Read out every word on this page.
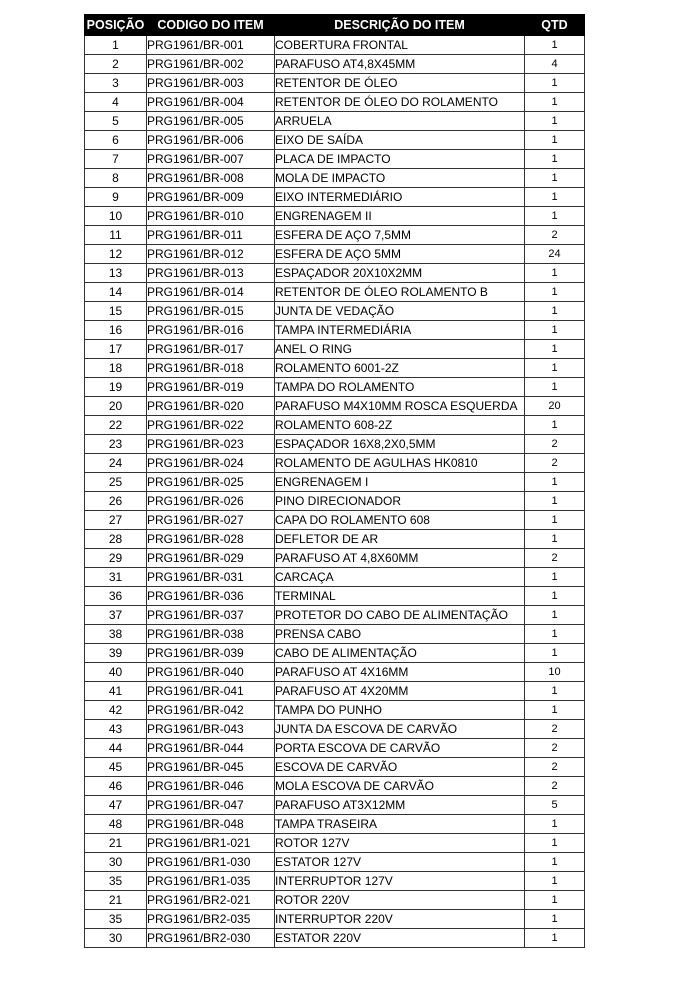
POSIÇÃO	CODIGO DO ITEM	DESCRIÇÃO DO ITEM	QTD
1	PRG1961/BR-001	COBERTURA FRONTAL	1
2	PRG1961/BR-002	PARAFUSO AT4,8X45MM	4
3	PRG1961/BR-003	RETENTOR DE ÓLEO	1
4	PRG1961/BR-004	RETENTOR DE ÓLEO DO ROLAMENTO	1
5	PRG1961/BR-005	ARRUELA	1
6	PRG1961/BR-006	EIXO DE SAÍDA	1
7	PRG1961/BR-007	PLACA DE IMPACTO	1
8	PRG1961/BR-008	MOLA DE IMPACTO	1
9	PRG1961/BR-009	EIXO INTERMEDIÁRIO	1
10	PRG1961/BR-010	ENGRENAGEM II	1
11	PRG1961/BR-011	ESFERA DE AÇO 7,5MM	2
12	PRG1961/BR-012	ESFERA DE AÇO 5MM	24
13	PRG1961/BR-013	ESPAÇADOR 20X10X2MM	1
14	PRG1961/BR-014	RETENTOR DE ÓLEO ROLAMENTO B	1
15	PRG1961/BR-015	JUNTA DE VEDAÇÃO	1
16	PRG1961/BR-016	TAMPA INTERMEDIÁRIA	1
17	PRG1961/BR-017	ANEL O RING	1
18	PRG1961/BR-018	ROLAMENTO 6001-2Z	1
19	PRG1961/BR-019	TAMPA DO ROLAMENTO	1
20	PRG1961/BR-020	PARAFUSO M4X10MM ROSCA ESQUERDA	20
22	PRG1961/BR-022	ROLAMENTO 608-2Z	1
23	PRG1961/BR-023	ESPAÇADOR 16X8,2X0,5MM	2
24	PRG1961/BR-024	ROLAMENTO DE AGULHAS HK0810	2
25	PRG1961/BR-025	ENGRENAGEM I	1
26	PRG1961/BR-026	PINO DIRECIONADOR	1
27	PRG1961/BR-027	CAPA DO ROLAMENTO 608	1
28	PRG1961/BR-028	DEFLETOR DE AR	1
29	PRG1961/BR-029	PARAFUSO AT 4,8X60MM	2
31	PRG1961/BR-031	CARCAÇA	1
36	PRG1961/BR-036	TERMINAL	1
37	PRG1961/BR-037	PROTETOR DO CABO DE ALIMENTAÇÃO	1
38	PRG1961/BR-038	PRENSA CABO	1
39	PRG1961/BR-039	CABO DE ALIMENTAÇÃO	1
40	PRG1961/BR-040	PARAFUSO AT 4X16MM	10
41	PRG1961/BR-041	PARAFUSO AT 4X20MM	1
42	PRG1961/BR-042	TAMPA DO PUNHO	1
43	PRG1961/BR-043	JUNTA DA ESCOVA DE CARVÃO	2
44	PRG1961/BR-044	PORTA ESCOVA DE CARVÃO	2
45	PRG1961/BR-045	ESCOVA DE CARVÃO	2
46	PRG1961/BR-046	MOLA ESCOVA DE CARVÃO	2
47	PRG1961/BR-047	PARAFUSO AT3X12MM	5
48	PRG1961/BR-048	TAMPA TRASEIRA	1
21	PRG1961/BR1-021	ROTOR 127V	1
30	PRG1961/BR1-030	ESTATOR 127V	1
35	PRG1961/BR1-035	INTERRUPTOR 127V	1
21	PRG1961/BR2-021	ROTOR 220V	1
35	PRG1961/BR2-035	INTERRUPTOR 220V	1
30	PRG1961/BR2-030	ESTATOR 220V	1
